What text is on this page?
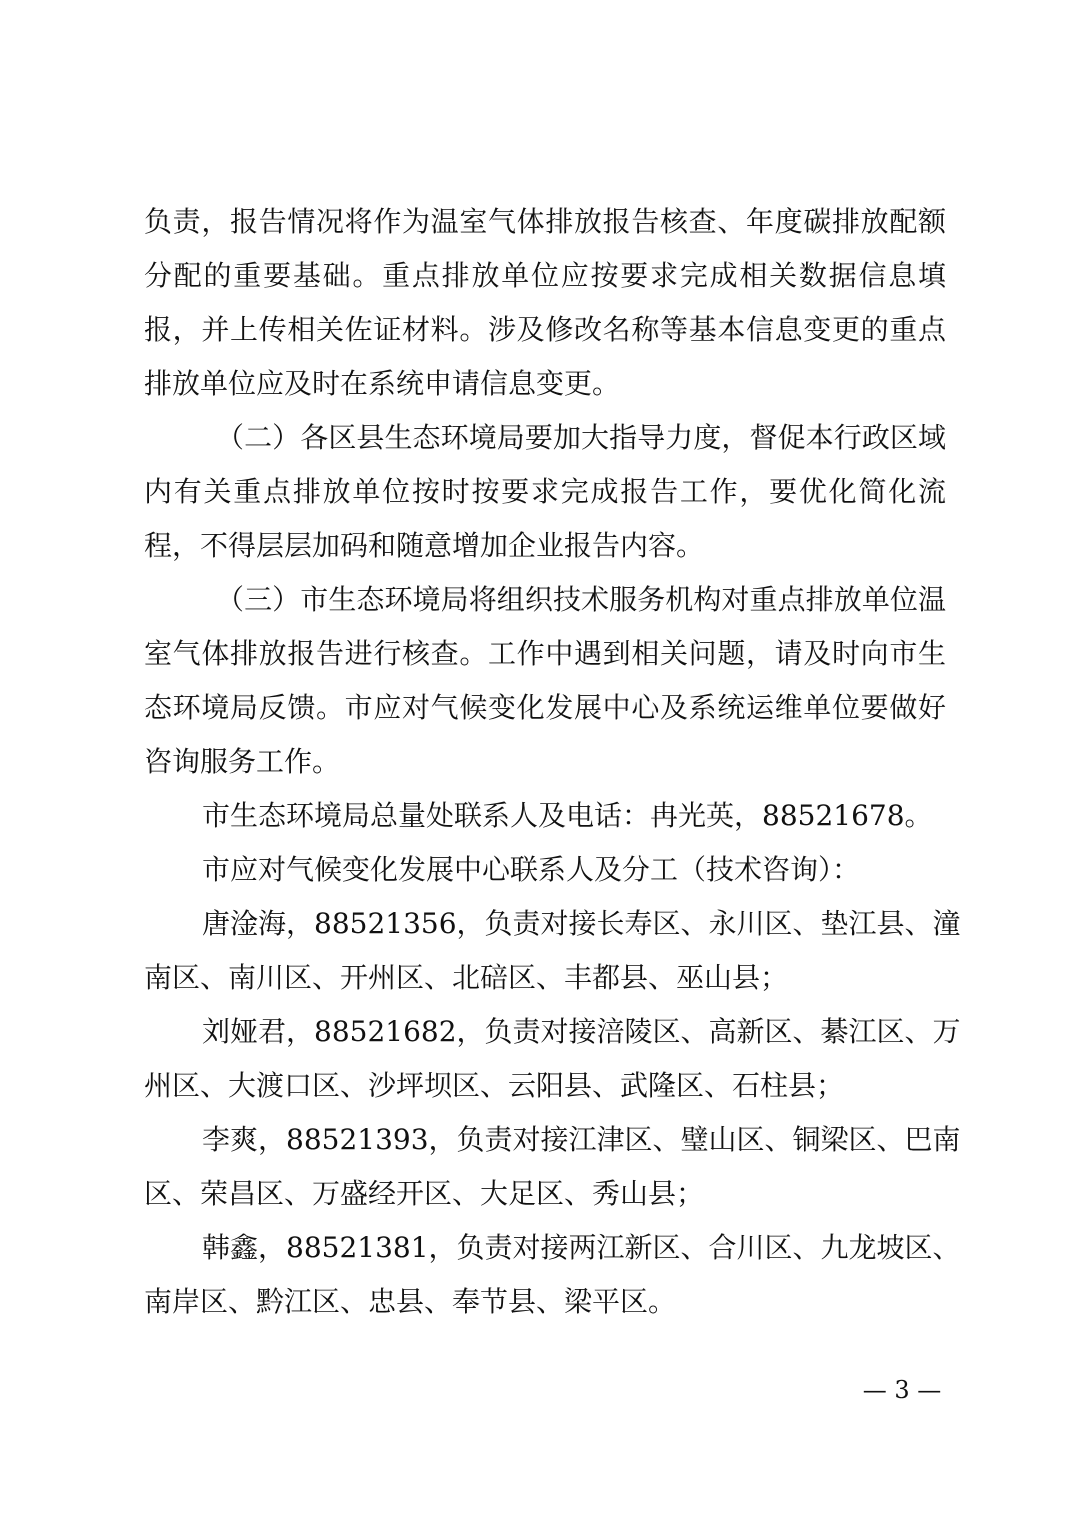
负责，报告情况将作为温室气体排放报告核查、年度碳排放配额
分配的重要基础。重点排放单位应按要求完成相关数据信息填
报，并上传相关佐证材料。涉及修改名称等基本信息变更的重点
排放单位应及时在系统申请信息变更。
（二）各区县生态环境局要加大指导力度，督促本行政区域
内有关重点排放单位按时按要求完成报告工作，要优化简化流
程，不得层层加码和随意增加企业报告内容。
（三）市生态环境局将组织技术服务机构对重点排放单位温
室气体排放报告进行核查。工作中遇到相关问题，请及时向市生
态环境局反馈。市应对气候变化发展中心及系统运维单位要做好
咨询服务工作。
市生态环境局总量处联系人及电话：冉光英，88521678。
市应对气候变化发展中心联系人及分工（技术咨询）：
唐淦海，88521356，负责对接长寿区、永川区、垫江县、潼
南区、南川区、开州区、北碚区、丰都县、巫山县；
刘娅君，88521682，负责对接涪陵区、高新区、綦江区、万
州区、大渡口区、沙坪坝区、云阳县、武隆区、石柱县；
李爽，88521393，负责对接江津区、璧山区、铜梁区、巴南
区、荣昌区、万盛经开区、大足区、秀山县；
韩鑫，88521381，负责对接两江新区、合川区、九龙坡区、
南岸区、黔江区、忠县、奉节县、梁平区。
— 3 —
